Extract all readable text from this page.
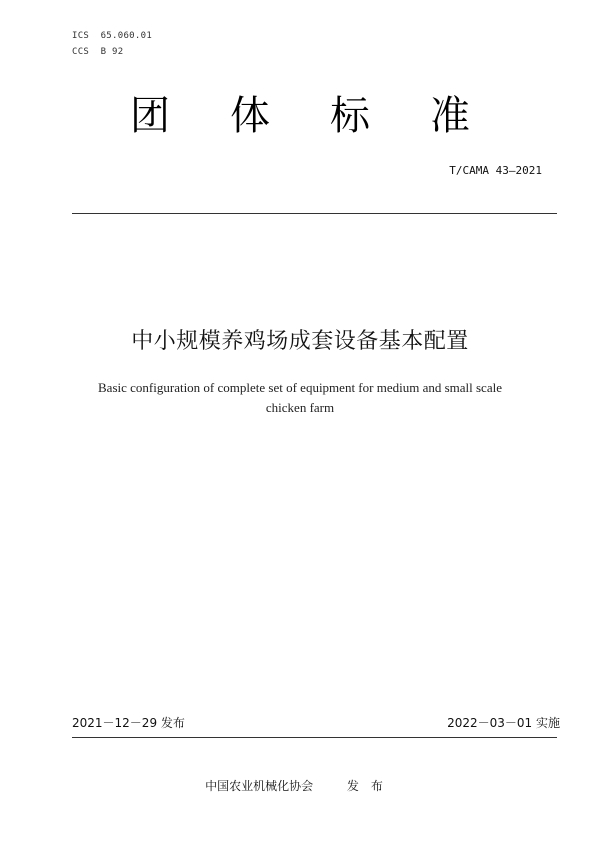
ICS  65.060.01
CCS  B 92
团体标准
T/CAMA 43—2021
中小规模养鸡场成套设备基本配置
Basic configuration of complete set of equipment for medium and small scale
chicken farm
2021－12－29 发布	2022－03－01 实施
中国农业机械化协会	发布
